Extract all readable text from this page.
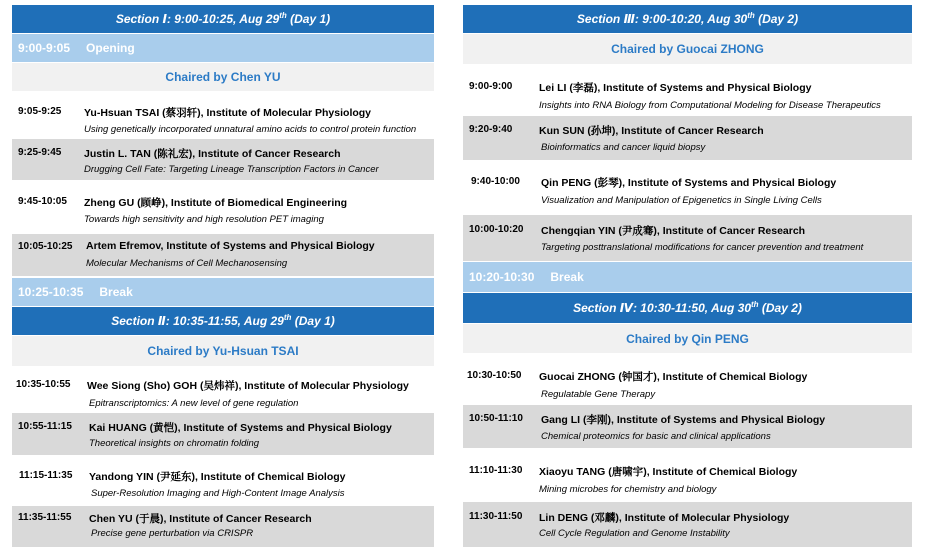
Section Ⅰ: 9:00-10:25, Aug 29th (Day 1)
9:00-9:05 Opening
Chaired by Chen YU
9:05-9:25 Yu-Hsuan TSAI (蔡羽轩), Institute of Molecular Physiology
Using genetically incorporated unnatural amino acids to control protein function
9:25-9:45 Justin L. TAN (陈礼宏), Institute of Cancer Research
Drugging Cell Fate: Targeting Lineage Transcription Factors in Cancer
9:45-10:05 Zheng GU (顾峥), Institute of Biomedical Engineering
Towards high sensitivity and high resolution PET imaging
10:05-10:25 Artem Efremov, Institute of Systems and Physical Biology
Molecular Mechanisms of Cell Mechanosensing
10:25-10:35 Break
Section Ⅱ: 10:35-11:55, Aug 29th (Day 1)
Chaired by Yu-Hsuan TSAI
10:35-10:55 Wee Siong (Sho) GOH (吴炜祥), Institute of Molecular Physiology
Epitranscriptomics: A new level of gene regulation
10:55-11:15 Kai HUANG (黄恺), Institute of Systems and Physical Biology
Theoretical insights on chromatin folding
11:15-11:35 Yandong YIN (尹延东), Institute of Chemical Biology
Super-Resolution Imaging and High-Content Image Analysis
11:35-11:55 Chen YU (于晨), Institute of Cancer Research
Precise gene perturbation via CRISPR
Section Ⅲ: 9:00-10:20, Aug 30th (Day 2)
Chaired by Guocai ZHONG
9:00-9:00	Lei LI (李磊), Institute of Systems and Physical Biology
Insights into RNA Biology from Computational Modeling for Disease Therapeutics
9:20-9:40	Kun SUN (孙坤), Institute of Cancer Research
Bioinformatics and cancer liquid biopsy
9:40-10:00 Qin PENG (彭琴), Institute of Systems and Physical Biology
Visualization and Manipulation of Epigenetics in Single Living Cells
10:00-10:20 Chengqian YIN (尹成骞), Institute of Cancer Research
Targeting posttranslational modifications for cancer prevention and treatment
10:20-10:30 Break
Section Ⅳ: 10:30-11:50, Aug 30th (Day 2)
Chaired by Qin PENG
10:30-10:50 Guocai ZHONG (钟国才), Institute of Chemical Biology
Regulatable Gene Therapy
10:50-11:10 Gang LI (李刚), Institute of Systems and Physical Biology
Chemical proteomics for basic and clinical applications
11:10-11:30 Xiaoyu TANG (唐啸宇), Institute of Chemical Biology
Mining microbes for chemistry and biology
11:30-11:50 Lin DENG (邓麟), Institute of Molecular Physiology
Cell Cycle Regulation and Genome Instability
